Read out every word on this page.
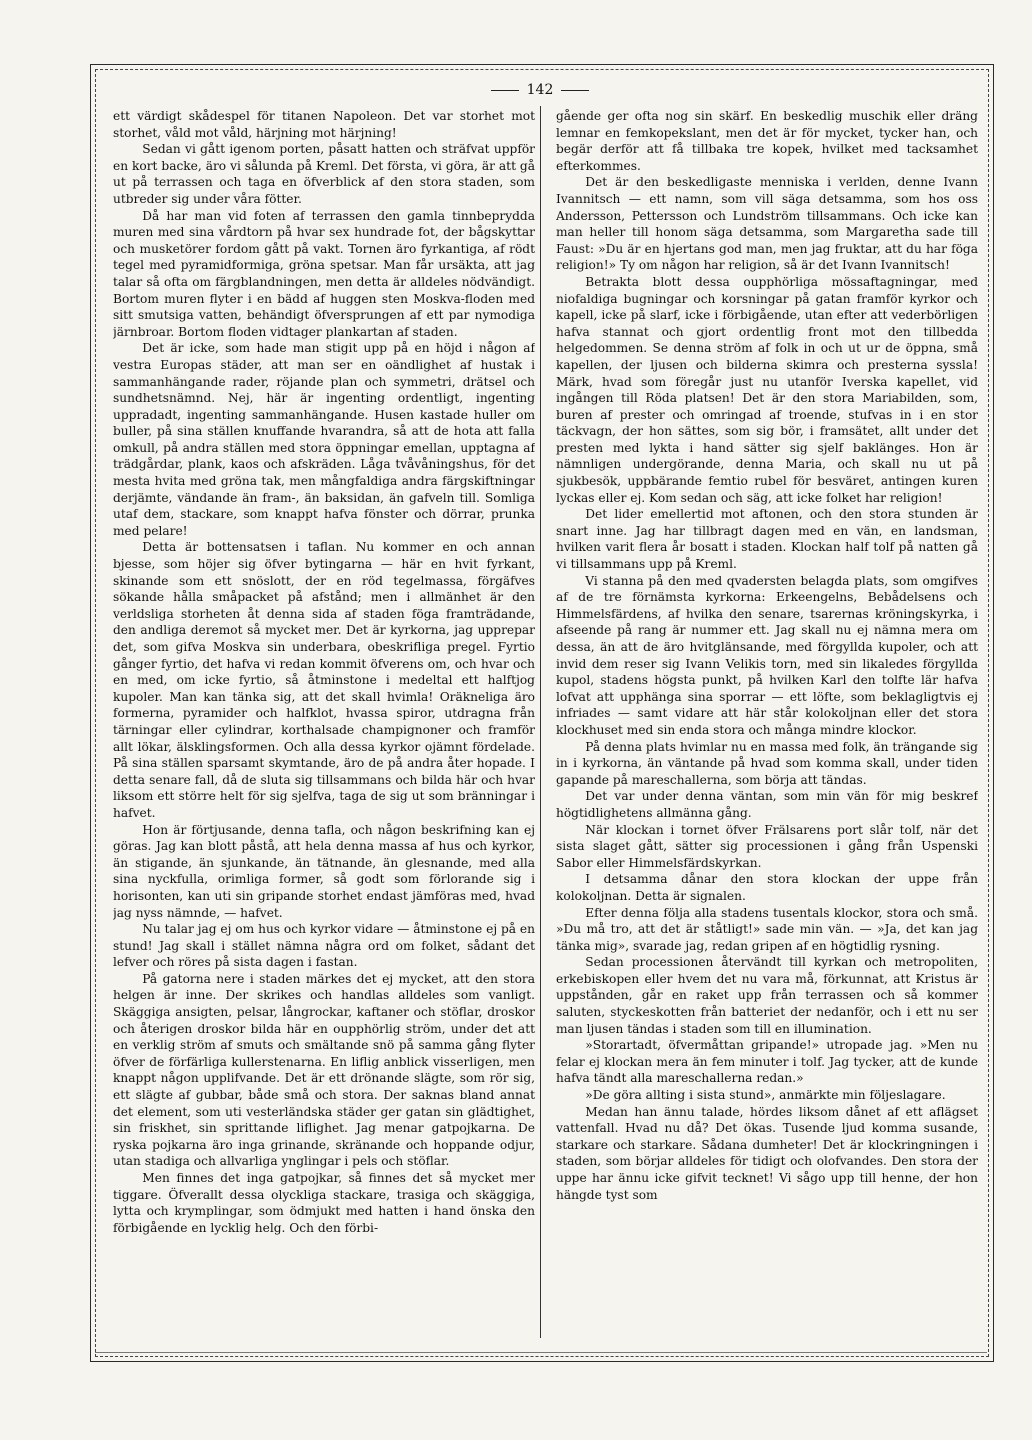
142

ett värdigt skådespel för titanen Napoleon. Det var storhet mot storhet, våld mot våld, härjning mot härjning!

Sedan vi gått igenom porten, påsatt hatten och sträfvat uppför en kort backe, äro vi sålunda på Kreml. Det första, vi göra, är att gå ut på terrassen och taga en öfverblick af den stora staden, som utbreder sig under våra fötter.

Då har man vid foten af terrassen den gamla tinnbeprydda muren med sina vårdtorn på hvar sex hundrade fot, der bågskyttar och musketörer fordom gått på vakt. Tornen äro fyrkantiga, af rödt tegel med pyramidformiga, gröna spetsar. Man får ursäkta, att jag talar så ofta om färgblandningen, men detta är alldeles nödvändigt. Bortom muren flyter i en bädd af huggen sten Moskva-floden med sitt smutsiga vatten, behändigt öfversprungen af ett par nymodiga järnbroar. Bortom floden vidtager plankartan af staden.

Det är icke, som hade man stigit upp på en höjd i någon af vestra Europas städer, att man ser en oändlighet af hustak i sammanhängande rader, röjande plan och symmetri, drätsel och sundhetsnämnd. Nej, här är ingenting ordentligt, ingenting uppradadt, ingenting sammanhängande. Husen kastade huller om buller, på sina ställen knuffande hvarandra, så att de hota att falla omkull, på andra ställen med stora öppningar emellan, upptagna af trädgårdar, plank, kaos och afskräden. Låga tvåvåningshus, för det mesta hvita med gröna tak, men mångfaldiga andra färgskiftningar derjämte, vändande än fram-, än baksidan, än gafveln till. Somliga utaf dem, stackare, som knappt hafva fönster och dörrar, prunka med pelare!

Detta är bottensatsen i taflan. Nu kommer en och annan bjesse, som höjer sig öfver bytingarna — här en hvit fyrkant, skinande som ett snöslott, der en röd tegelmassa, förgäfves sökande hålla småpacket på afstånd; men i allmänhet är den verldsliga storheten åt denna sida af staden föga framträdande, den andliga deremot så mycket mer. Det är kyrkorna, jag upprepar det, som gifva Moskva sin underbara, obeskrifliga pregel. Fyrtio gånger fyrtio, det hafva vi redan kommit öfverens om, och hvar och en med, om icke fyrtio, så åtminstone i medeltal ett halftjog kupoler. Man kan tänka sig, att det skall hvimla! Oräkneliga äro formerna, pyramider och halfklot, hvassa spiror, utdragna från tärningar eller cylindrar, korthalsade champignoner och framför allt lökar, älsklingsformen. Och alla dessa kyrkor ojämnt fördelade. På sina ställen sparsamt skymtande, äro de på andra åter hopade. I detta senare fall, då de sluta sig tillsammans och bilda här och hvar liksom ett större helt för sig sjelfva, taga de sig ut som bränningar i hafvet.

Hon är förtjusande, denna tafla, och någon beskrifning kan ej göras. Jag kan blott påstå, att hela denna massa af hus och kyrkor, än stigande, än sjunkande, än tätnande, än glesnande, med alla sina nyckfulla, orimliga former, så godt som förlorande sig i horisonten, kan uti sin gripande storhet endast jämföras med, hvad jag nyss nämnde, — hafvet.

Nu talar jag ej om hus och kyrkor vidare — åtminstone ej på en stund! Jag skall i stället nämna några ord om folket, sådant det lefver och röres på sista dagen i fastan.

På gatorna nere i staden märkes det ej mycket, att den stora helgen är inne. Der skrikes och handlas alldeles som vanligt. Skäggiga ansigten, pelsar, långrockar, kaftaner och stöflar, droskor och återigen droskor bilda här en oupphörlig ström, under det att en verklig ström af smuts och smältande snö på samma gång flyter öfver de förfärliga kullerstenarna. En liflig anblick visserligen, men knappt någon upplifvande. Det är ett drönande slägte, som rör sig, ett slägte af gubbar, både små och stora. Der saknas bland annat det element, som uti vesterländska städer ger gatan sin glädtighet, sin friskhet, sin sprittande liflighet. Jag menar gatpojkarna. De ryska pojkarna äro inga grinande, skränande och hoppande odjur, utan stadiga och allvarliga ynglingar i pels och stöflar.

Men finnes det inga gatpojkar, så finnes det så mycket mer tiggare. Öfverallt dessa olyckliga stackare, trasiga och skäggiga, lytta och krymplingar, som ödmjukt med hatten i hand önska den förbigående en lycklig helg. Och den förbi-

gående ger ofta nog sin skärf. En beskedlig muschik eller dräng lemnar en femkopekslant, men det är för mycket, tycker han, och begär derför att få tillbaka tre kopek, hvilket med tacksamhet efterkommes.

Det är den beskedligaste menniska i verlden, denne Ivann Ivannitsch — ett namn, som vill säga detsamma, som hos oss Andersson, Pettersson och Lundström tillsammans. Och icke kan man heller till honom säga detsamma, som Margaretha sade till Faust: »Du är en hjertans god man, men jag fruktar, att du har föga religion!» Ty om någon har religion, så är det Ivann Ivannitsch!

Betrakta blott dessa oupphörliga mössaftagningar, med niofaldiga bugningar och korsningar på gatan framför kyrkor och kapell, icke på slarf, icke i förbigående, utan efter att vederbörligen hafva stannat och gjort ordentlig front mot den tillbedda helgedommen. Se denna ström af folk in och ut ur de öppna, små kapellen, der ljusen och bilderna skimra och presterna syssla! Märk, hvad som föregår just nu utanför Iverska kapellet, vid ingången till Röda platsen! Det är den stora Mariabilden, som, buren af prester och omringad af troende, stufvas in i en stor täckvagn, der hon sättes, som sig bör, i framsätet, allt under det presten med lykta i hand sätter sig sjelf baklänges. Hon är nämnligen undergörande, denna Maria, och skall nu ut på sjukbesök, uppbärande femtio rubel för besväret, antingen kuren lyckas eller ej. Kom sedan och säg, att icke folket har religion!

Det lider emellertid mot aftonen, och den stora stunden är snart inne. Jag har tillbragt dagen med en vän, en landsman, hvilken varit flera år bosatt i staden. Klockan half tolf på natten gå vi tillsammans upp på Kreml.

Vi stanna på den med qvadersten belagda plats, som omgifves af de tre förnämsta kyrkorna: Erkeengelns, Bebådelsens och Himmelsfärdens, af hvilka den senare, tsarernas kröningskyrka, i afseende på rang är nummer ett. Jag skall nu ej nämna mera om dessa, än att de äro hvitglänsande, med förgyllda kupoler, och att invid dem reser sig Ivann Velikis torn, med sin likaledes förgyllda kupol, stadens högsta punkt, på hvilken Karl den tolfte lär hafva lofvat att upphänga sina sporrar — ett löfte, som beklagligtvis ej infriades — samt vidare att här står kolokoljnan eller det stora klockhuset med sin enda stora och många mindre klockor.

På denna plats hvimlar nu en massa med folk, än trängande sig in i kyrkorna, än väntande på hvad som komma skall, under tiden gapande på mareschallerna, som börja att tändas.

Det var under denna väntan, som min vän för mig beskref högtidlighetens allmänna gång.

När klockan i tornet öfver Frälsarens port slår tolf, när det sista slaget gått, sätter sig processionen i gång från Uspenski Sabor eller Himmelsfärdskyrkan.

I detsamma dånar den stora klockan der uppe från kolokoljnan. Detta är signalen.

Efter denna följa alla stadens tusentals klockor, stora och små. »Du må tro, att det är ståtligt!» sade min vän. — »Ja, det kan jag tänka mig», svarade jag, redan gripen af en högtidlig rysning.

Sedan processionen återvändt till kyrkan och metropoliten, erkebiskopen eller hvem det nu vara må, förkunnat, att Kristus är uppstånden, går en raket upp från terrassen och så kommer saluten, styckeskotten från batteriet der nedanför, och i ett nu ser man ljusen tändas i staden som till en illumination.

»Storartadt, öfvermåttan gripande!» utropade jag. »Men nu felar ej klockan mera än fem minuter i tolf. Jag tycker, att de kunde hafva tändt alla mareschallerna redan.»

»De göra allting i sista stund», anmärkte min följeslagare.

Medan han ännu talade, hördes liksom dånet af ett aflägset vattenfall. Hvad nu då? Det ökas. Tusende ljud komma susande, starkare och starkare. Sådana dumheter! Det är klockringningen i staden, som börjar alldeles för tidigt och olofvandes. Den stora der uppe har ännu icke gifvit tecknet! Vi sågo upp till henne, der hon hängde tyst som
